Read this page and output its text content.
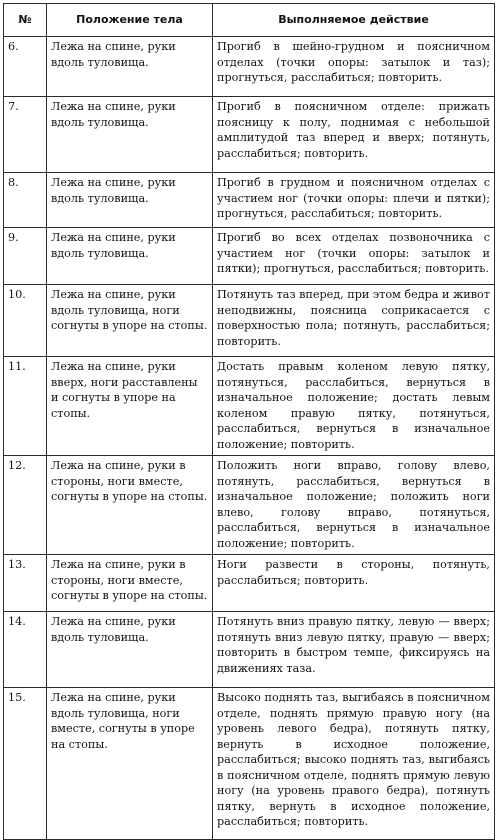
№	Положение тела	Выполняемое действие
6.	Лежа на спине, руки вдоль туловища.	Прогиб в шейно-грудном и поясничном отделах (точки опоры: затылок и таз); прогнуться, расслабиться; повторить.
7.	Лежа на спине, руки вдоль туловища.	Прогиб в поясничном отделе: прижать поясницу к полу, поднимая с небольшой амплитудой таз вперед и вверх; потянуть, расслабиться; повторить.
8.	Лежа на спине, руки вдоль туловища.	Прогиб в грудном и поясничном отделах с участием ног (точки опоры: плечи и пятки); прогнуться, расслабиться; повторить.
9.	Лежа на спине, руки вдоль туловища.	Прогиб во всех отделах позвоночника с участием ног (точки опоры: затылок и пятки); прогнуться, расслабиться; повторить.
10.	Лежа на спине, руки вдоль туловища, ноги согнуты в упоре на стопы.	Потянуть таз вперед, при этом бедра и живот неподвижны, поясница соприкасается с поверхностью пола; потянуть, расслабиться; повторить.
11.	Лежа на спине, руки вверх, ноги расставлены и согнуты в упоре на стопы.	Достать правым коленом левую пятку, потянуться, расслабиться, вернуться в изначальное положение; достать левым коленом правую пятку, потянуться, расслабиться, вернуться в изначальное положение; повторить.
12.	Лежа на спине, руки в стороны, ноги вместе, согнуты в упоре на стопы.	Положить ноги вправо, голову влево, потянуть, расслабиться, вернуться в изначальное положение; положить ноги влево, голову вправо, потянуться, расслабиться, вернуться в изначальное положение; повторить.
13.	Лежа на спине, руки в стороны, ноги вместе, согнуты в упоре на стопы.	Ноги развести в стороны, потянуть, расслабиться; повторить.
14.	Лежа на спине, руки вдоль туловища.	Потянуть вниз правую пятку, левую — вверх; потянуть вниз левую пятку, правую — вверх; повторить в быстром темпе, фиксируясь на движениях таза.
15.	Лежа на спине, руки вдоль туловища, ноги вместе, согнуты в упоре на стопы.	Высоко поднять таз, выгибаясь в поясничном отделе, поднять прямую правую ногу (на уровень левого бедра), потянуть пятку, вернуть в исходное положение, расслабиться; высоко поднять таз, выгибаясь в поясничном отделе, поднять прямую левую ногу (на уровень правого бедра), потянуть пятку, вернуть в исходное положение, расслабиться; повторить.
